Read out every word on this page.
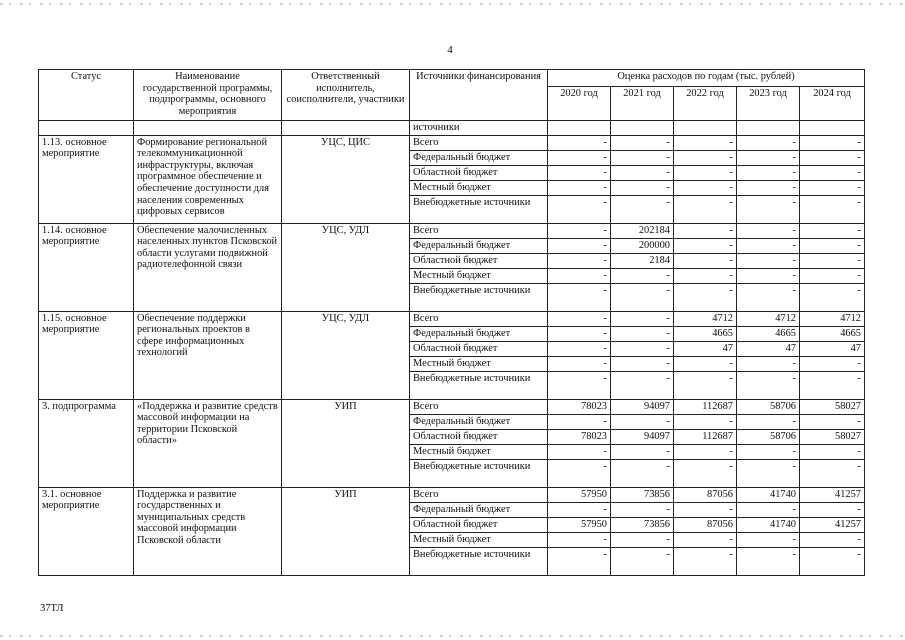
4
Статус	Наименование государственной программы, подпрограммы, основного мероприятия	Ответственный исполнитель, соисполнители, участники	Источники финансирования	Оценка расходов по годам (тыс. рублей)				
				2020 год	2021 год	2022 год	2023 год	2024 год
			источники					
1.13. основное мероприятие	Формирование региональной телекоммуникационной инфраструктуры, включая программное обеспечение и обеспечение доступности для населения современных цифровых сервисов	УЦС, ЦИС	Всего	-	-	-	-	-
			Федеральный бюджет	-	-	-	-	-
			Областной бюджет	-	-	-	-	-
			Местный бюджет	-	-	-	-	-
			Внебюджетные источники	-	-	-	-	-
1.14. основное мероприятие	Обеспечение малочисленных населенных пунктов Псковской области услугами подвижной радиотелефонной связи	УЦС, УДЛ	Всего	-	202184	-	-	-
			Федеральный бюджет	-	200000	-	-	-
			Областной бюджет	-	2184	-	-	-
			Местный бюджет	-	-	-	-	-
			Внебюджетные источники	-	-	-	-	-
1.15. основное мероприятие	Обеспечение поддержки региональных проектов в сфере информационных технологий	УЦС, УДЛ	Всего	-	-	4712	4712	4712
			Федеральный бюджет	-	-	4665	4665	4665
			Областной бюджет	-	-	47	47	47
			Местный бюджет	-	-	-	-	-
			Внебюджетные источники	-	-	-	-	-
3. подпрограмма	«Поддержка и развитие средств массовой информации на территории Псковской области»	УИП	Всего	78023	94097	112687	58706	58027
			Федеральный бюджет	-	-	-	-	-
			Областной бюджет	78023	94097	112687	58706	58027
			Местный бюджет	-	-	-	-	-
			Внебюджетные источники	-	-	-	-	-
3.1. основное мероприятие	Поддержка и развитие государственных и муниципальных средств массовой информации Псковской области	УИП	Всего	57950	73856	87056	41740	41257
			Федеральный бюджет	-	-	-	-	-
			Областной бюджет	57950	73856	87056	41740	41257
			Местный бюджет	-	-	-	-	-
			Внебюджетные источники	-	-	-	-	-
37ТЛ
